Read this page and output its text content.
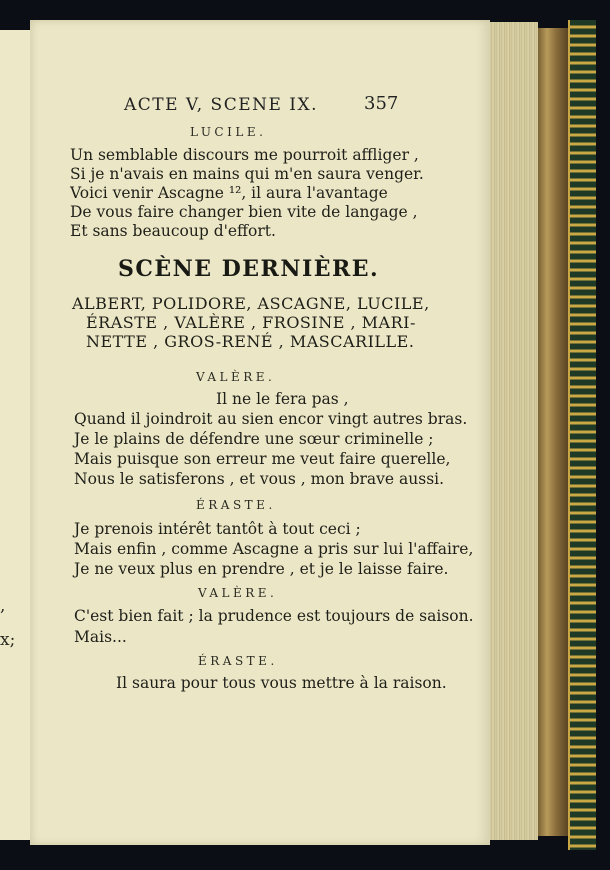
,
x;
ACTE V, SCENE IX.	357
LUCILE.
Un semblable discours me pourroit affliger ,
Si je n'avais en mains qui m'en saura venger.
Voici venir Ascagne ¹², il aura l'avantage
De vous faire changer bien vite de langage ,
Et sans beaucoup d'effort.
SCÈNE DERNIÈRE.
ALBERT, POLIDORE, ASCAGNE, LUCILE,
ÉRASTE , VALÈRE , FROSINE , MARI-
NETTE , GROS-RENÉ , MASCARILLE.
VALÈRE.
Il ne le fera pas ,
Quand il joindroit au sien encor vingt autres bras.
Je le plains de défendre une sœur criminelle ;
Mais puisque son erreur me veut faire querelle,
Nous le satisferons , et vous , mon brave aussi.
ÉRASTE.
Je prenois intérêt tantôt à tout ceci ;
Mais enfin , comme Ascagne a pris sur lui l'affaire,
Je ne veux plus en prendre , et je le laisse faire.
VALÈRE.
C'est bien fait ; la prudence est toujours de saison.
Mais...
ÉRASTE.
Il saura pour tous vous mettre à la raison.
